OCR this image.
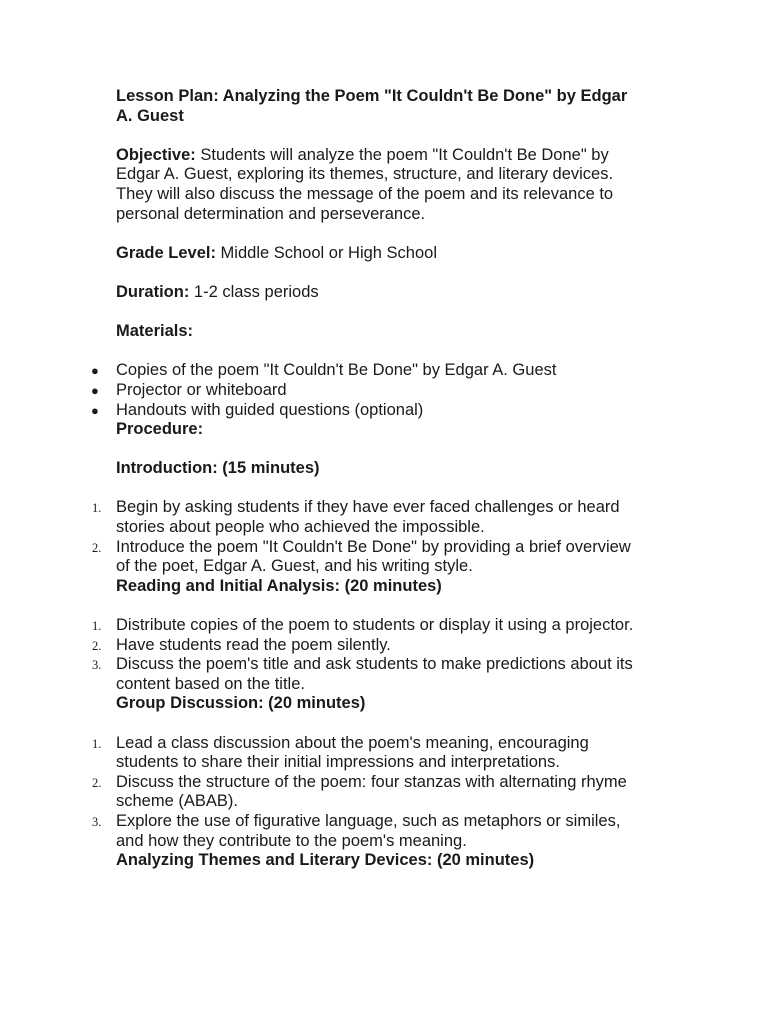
Lesson Plan: Analyzing the Poem "It Couldn't Be Done" by Edgar A. Guest

Objective: Students will analyze the poem "It Couldn't Be Done" by Edgar A. Guest, exploring its themes, structure, and literary devices. They will also discuss the message of the poem and its relevance to personal determination and perseverance.

Grade Level: Middle School or High School

Duration: 1-2 class periods

Materials:

● Copies of the poem "It Couldn't Be Done" by Edgar A. Guest
● Projector or whiteboard
● Handouts with guided questions (optional)
Procedure:

Introduction: (15 minutes)

1. Begin by asking students if they have ever faced challenges or heard stories about people who achieved the impossible.
2. Introduce the poem "It Couldn't Be Done" by providing a brief overview of the poet, Edgar A. Guest, and his writing style.
Reading and Initial Analysis: (20 minutes)
1. Distribute copies of the poem to students or display it using a projector.
2. Have students read the poem silently.
3. Discuss the poem's title and ask students to make predictions about its content based on the title.
Group Discussion: (20 minutes)
1. Lead a class discussion about the poem's meaning, encouraging students to share their initial impressions and interpretations.
2. Discuss the structure of the poem: four stanzas with alternating rhyme scheme (ABAB).
3. Explore the use of figurative language, such as metaphors or similes, and how they contribute to the poem's meaning.
Analyzing Themes and Literary Devices: (20 minutes)
